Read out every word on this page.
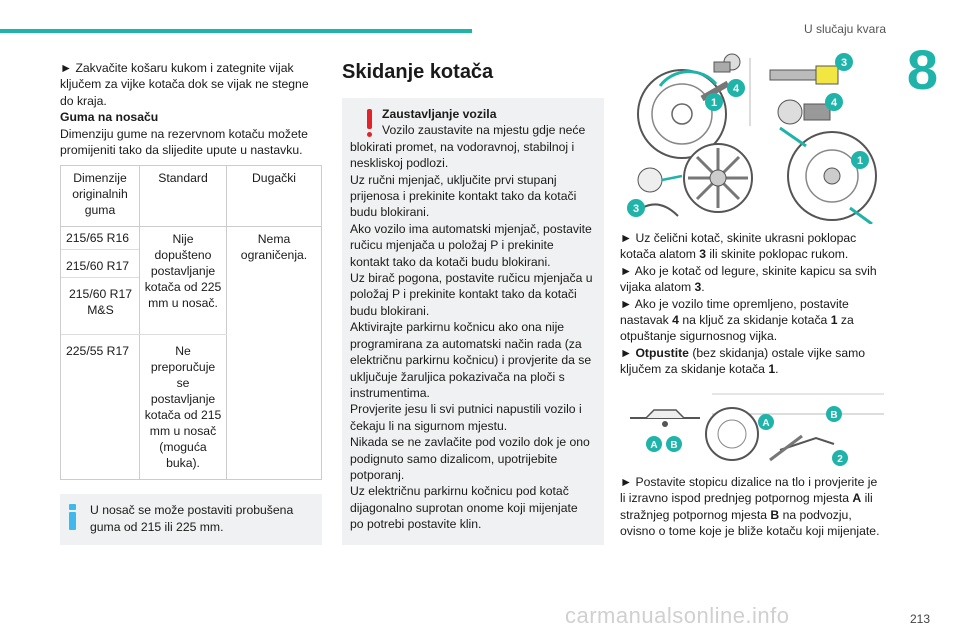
U slučaju kvara
8

► Zakvačite košaru kukom i zategnite vijak ključem za vijke kotača dok se vijak ne stegne do kraja.

Guma na nosaču

Dimenziju gume na rezervnom kotaču možete promijeniti tako da slijedite upute u nastavku.

Dimenzije originalnih guma	Standard	Dugački
215/65 R16	Nije dopušteno postavljanje kotača od 225 mm u nosač.	Nema ograničenja.
215/60 R17		
215/60 R17 M&S		
225/55 R17	Ne preporučuje se postavljanje kotača od 215 mm u nosač (moguća buka).	
U nosač se može postaviti probušena guma od 215 ili 225 mm.
Skidanje kotača
Zaustavljanje vozila
Vozilo zaustavite na mjestu gdje neće
blokirati promet, na vodoravnoj, stabilnoj i neskliskoj podlozi.
Uz ručni mjenjač, uključite prvi stupanj prijenosa i prekinite kontakt tako da kotači budu blokirani.
Ako vozilo ima automatski mjenjač, postavite ručicu mjenjača u položaj P i prekinite kontakt tako da kotači budu blokirani.
Uz birač pogona, postavite ručicu mjenjača u položaj P i prekinite kontakt tako da kotači budu blokirani.
Aktivirajte parkirnu kočnicu ako ona nije programirana za automatski način rada (za električnu parkirnu kočnicu) i provjerite da se uključuje žaruljica pokazivača na ploči s instrumentima.
Provjerite jesu li svi putnici napustili vozilo i čekaju li na sigurnom mjestu.
Nikada se ne zavlačite pod vozilo dok je ono podignuto samo dizalicom, upotrijebite potporanj.
Uz električnu parkirnu kočnicu pod kotač dijagonalno suprotan onome koji mijenjate po potrebi postavite klin.
1
4
3
3
4
1

► Uz čelični kotač, skinite ukrasni poklopac kotača alatom 3 ili skinite poklopac rukom.

► Ako je kotač od legure, skinite kapicu sa svih vijaka alatom 3.

► Ako je vozilo time opremljeno, postavite nastavak 4 na ključ za skidanje kotača 1 za otpuštanje sigurnosnog vijka.

► Otpustite (bez skidanja) ostale vijke samo ključem za skidanje kotača 1.

A B
A
B
2

► Postavite stopicu dizalice na tlo i provjerite je li izravno ispod prednjeg potpornog mjesta A ili stražnjeg potpornog mjesta B na podvozju, ovisno o tome koje je bliže kotaču koji mijenjate.

carmanualsonline.info	213
